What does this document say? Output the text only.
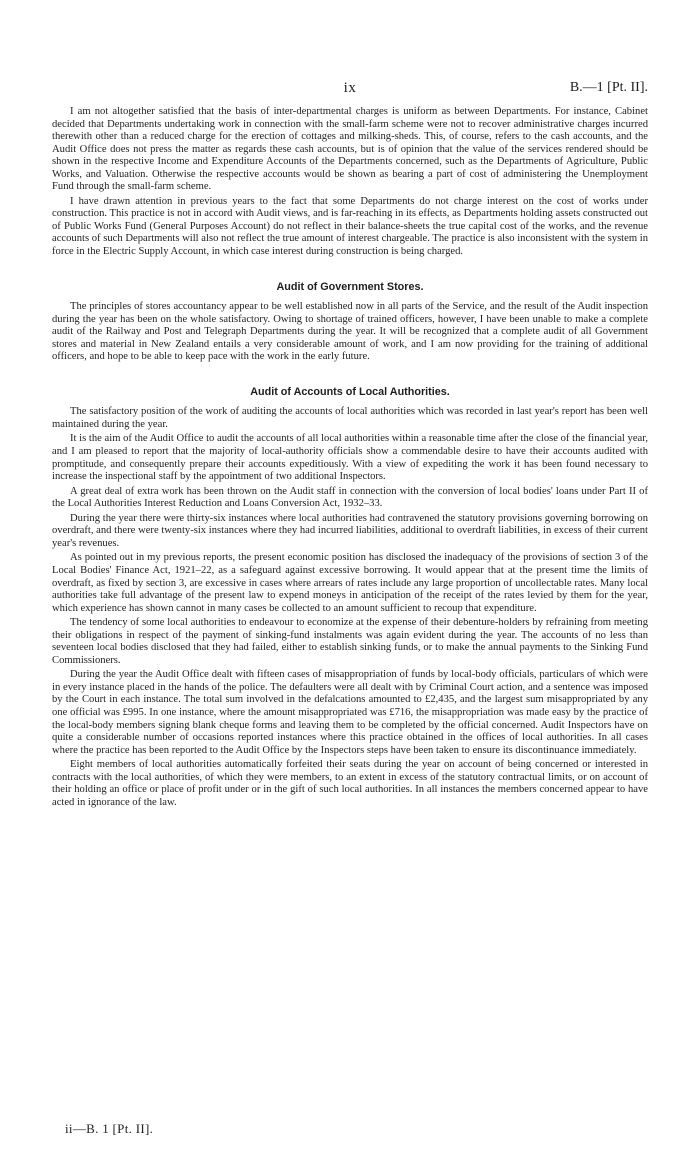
ix	B.—1 [Pt. II].

I am not altogether satisfied that the basis of inter-departmental charges is uniform as between Departments. For instance, Cabinet decided that Departments undertaking work in connection with the small-farm scheme were not to recover administrative charges incurred therewith other than a reduced charge for the erection of cottages and milking-sheds. This, of course, refers to the cash accounts, and the Audit Office does not press the matter as regards these cash accounts, but is of opinion that the value of the services rendered should be shown in the respective Income and Expenditure Accounts of the Departments concerned, such as the Departments of Agriculture, Public Works, and Valuation. Otherwise the respective accounts would be shown as bearing a part of cost of administering the Unemployment Fund through the small-farm scheme.

I have drawn attention in previous years to the fact that some Departments do not charge interest on the cost of works under construction. This practice is not in accord with Audit views, and is far-reaching in its effects, as Departments holding assets constructed out of Public Works Fund (General Purposes Account) do not reflect in their balance-sheets the true capital cost of the works, and the revenue accounts of such Departments will also not reflect the true amount of interest chargeable. The practice is also inconsistent with the system in force in the Electric Supply Account, in which case interest during construction is being charged.

Audit of Government Stores.

The principles of stores accountancy appear to be well established now in all parts of the Service, and the result of the Audit inspection during the year has been on the whole satisfactory. Owing to shortage of trained officers, however, I have been unable to make a complete audit of the Railway and Post and Telegraph Departments during the year. It will be recognized that a complete audit of all Government stores and material in New Zealand entails a very considerable amount of work, and I am now providing for the training of additional officers, and hope to be able to keep pace with the work in the early future.

Audit of Accounts of Local Authorities.

The satisfactory position of the work of auditing the accounts of local authorities which was recorded in last year's report has been well maintained during the year.

It is the aim of the Audit Office to audit the accounts of all local authorities within a reasonable time after the close of the financial year, and I am pleased to report that the majority of local-authority officials show a commendable desire to have their accounts audited with promptitude, and consequently prepare their accounts expeditiously. With a view of expediting the work it has been found necessary to increase the inspectional staff by the appointment of two additional Inspectors.

A great deal of extra work has been thrown on the Audit staff in connection with the conversion of local bodies' loans under Part II of the Local Authorities Interest Reduction and Loans Conversion Act, 1932–33.

During the year there were thirty-six instances where local authorities had contravened the statutory provisions governing borrowing on overdraft, and there were twenty-six instances where they had incurred liabilities, additional to overdraft liabilities, in excess of their current year's revenues.

As pointed out in my previous reports, the present economic position has disclosed the inadequacy of the provisions of section 3 of the Local Bodies' Finance Act, 1921–22, as a safeguard against excessive borrowing. It would appear that at the present time the limits of overdraft, as fixed by section 3, are excessive in cases where arrears of rates include any large proportion of uncollectable rates. Many local authorities take full advantage of the present law to expend moneys in anticipation of the receipt of the rates levied by them for the year, which experience has shown cannot in many cases be collected to an amount sufficient to recoup that expenditure.

The tendency of some local authorities to endeavour to economize at the expense of their debenture-holders by refraining from meeting their obligations in respect of the payment of sinking-fund instalments was again evident during the year. The accounts of no less than seventeen local bodies disclosed that they had failed, either to establish sinking funds, or to make the annual payments to the Sinking Fund Commissioners.

During the year the Audit Office dealt with fifteen cases of misappropriation of funds by local-body officials, particulars of which were in every instance placed in the hands of the police. The defaulters were all dealt with by Criminal Court action, and a sentence was imposed by the Court in each instance. The total sum involved in the defalcations amounted to £2,435, and the largest sum misappropriated by any one official was £995. In one instance, where the amount misappropriated was £716, the misappropriation was made easy by the practice of the local-body members signing blank cheque forms and leaving them to be completed by the official concerned. Audit Inspectors have on quite a considerable number of occasions reported instances where this practice obtained in the offices of local authorities. In all cases where the practice has been reported to the Audit Office by the Inspectors steps have been taken to ensure its discontinuance immediately.

Eight members of local authorities automatically forfeited their seats during the year on account of being concerned or interested in contracts with the local authorities, of which they were members, to an extent in excess of the statutory contractual limits, or on account of their holding an office or place of profit under or in the gift of such local authorities. In all instances the members concerned appear to have acted in ignorance of the law.

ii—B. 1 [Pt. II].
